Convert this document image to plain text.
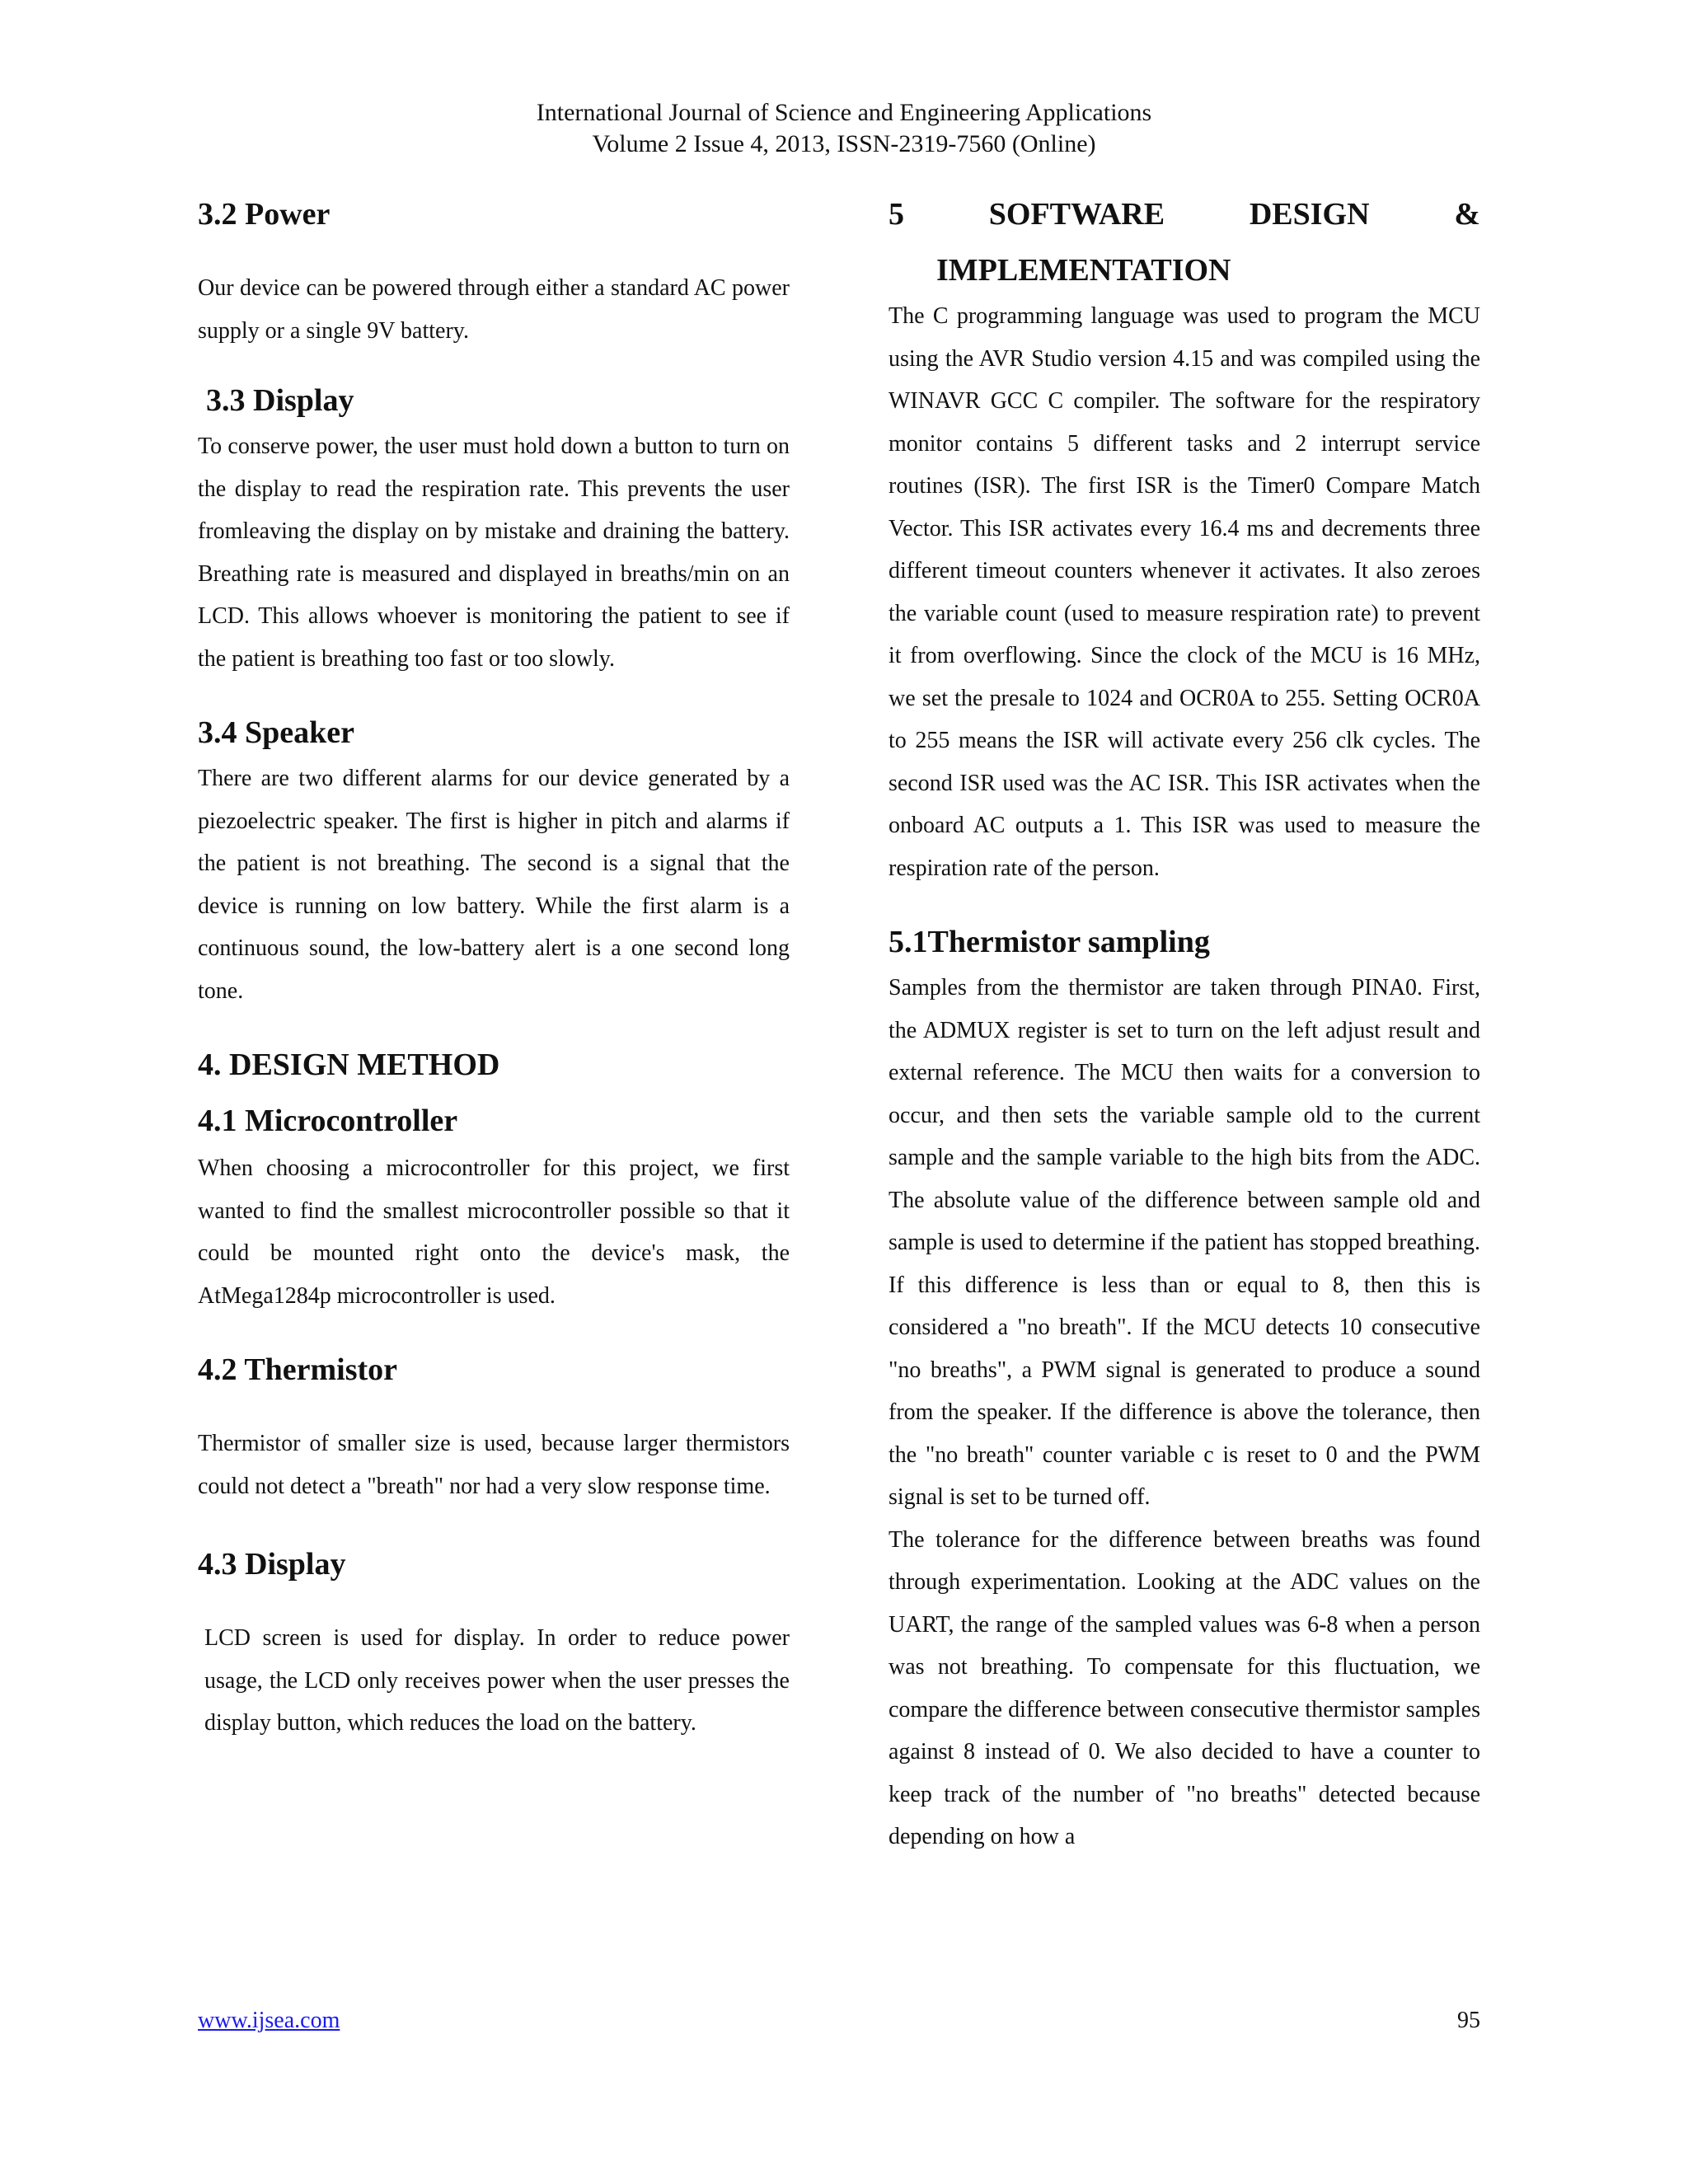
International Journal of Science and Engineering Applications
Volume 2 Issue 4, 2013, ISSN-2319-7560 (Online)
3.2 Power

Our device can be powered through either a standard AC power supply or a single 9V battery.

3.3 Display

To conserve power, the user must hold down a button to turn on the display to read the respiration rate. This prevents the user fromleaving the display on by mistake and draining the battery. Breathing rate is measured and displayed in breaths/min on an LCD. This allows whoever is monitoring the patient to see if the patient is breathing too fast or too slowly.

3.4 Speaker

There are two different alarms for our device generated by a piezoelectric speaker. The first is higher in pitch and alarms if the patient is not breathing. The second is a signal that the device is running on low battery. While the first alarm is a continuous sound, the low-battery alert is a one second long tone.

4. DESIGN METHOD
4.1 Microcontroller

When choosing a microcontroller for this project, we first wanted to find the smallest microcontroller possible so that it could be mounted right onto the device's mask, the AtMega1284p microcontroller is used.

4.2 Thermistor

Thermistor of smaller size is used, because larger thermistors could not detect a "breath" nor had a very slow response time.

4.3 Display

LCD screen is used for display. In order to reduce power usage, the LCD only receives power when the user presses the display button, which reduces the load on the battery.

5	SOFTWARE	DESIGN	&
IMPLEMENTATION

The C programming language was used to program the MCU using the AVR Studio version 4.15 and was compiled using the WINAVR GCC C compiler. The software for the respiratory monitor contains 5 different tasks and 2 interrupt service routines (ISR). The first ISR is the Timer0 Compare Match Vector. This ISR activates every 16.4 ms and decrements three different timeout counters whenever it activates. It also zeroes the variable count (used to measure respiration rate) to prevent it from overflowing. Since the clock of the MCU is 16 MHz, we set the presale to 1024 and OCR0A to 255. Setting OCR0A to 255 means the ISR will activate every 256 clk cycles. The second ISR used was the AC ISR. This ISR activates when the onboard AC outputs a 1. This ISR was used to measure the respiration rate of the person.

5.1Thermistor sampling

Samples from the thermistor are taken through PINA0. First, the ADMUX register is set to turn on the left adjust result and external reference. The MCU then waits for a conversion to occur, and then sets the variable sample old to the current sample and the sample variable to the high bits from the ADC. The absolute value of the difference between sample old and sample is used to determine if the patient has stopped breathing. If this difference is less than or equal to 8, then this is considered a "no breath". If the MCU detects 10 consecutive "no breaths", a PWM signal is generated to produce a sound from the speaker. If the difference is above the tolerance, then the "no breath" counter variable c is reset to 0 and the PWM signal is set to be turned off.

The tolerance for the difference between breaths was found through experimentation. Looking at the ADC values on the UART, the range of the sampled values was 6-8 when a person was not breathing. To compensate for this fluctuation, we compare the difference between consecutive thermistor samples against 8 instead of 0. We also decided to have a counter to keep track of the number of "no breaths" detected because depending on how a

www.ijsea.com	95
